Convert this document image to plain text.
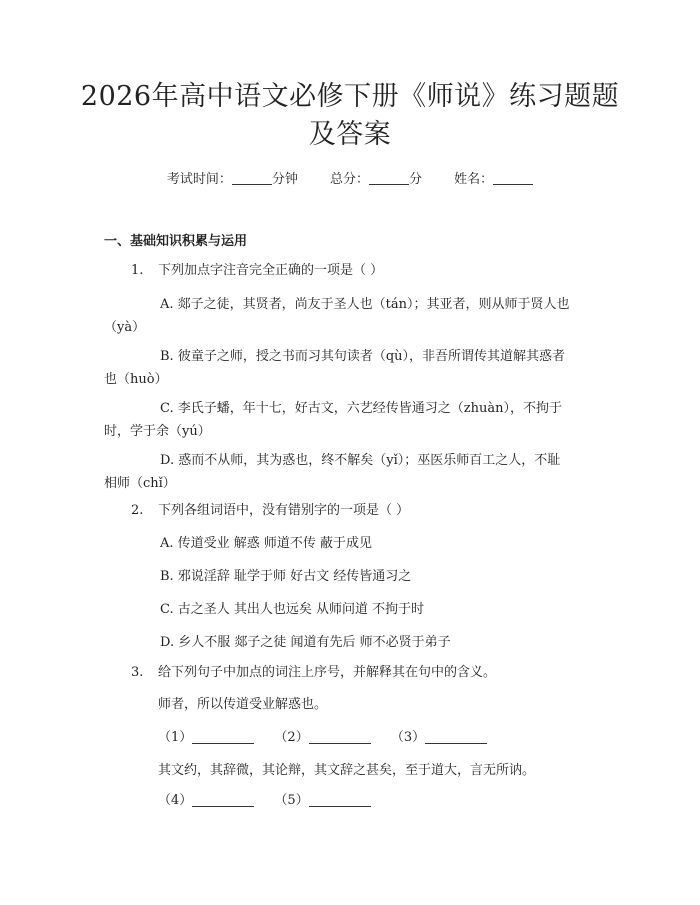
2026年高中语文必修下册《师说》练习题题
及答案
考试时间：	分钟 总分：	分 姓名：
一、基础知识积累与运用
1. 下列加点字注音完全正确的一项是（ ）
A. 郯子之徒，其贤者，尚友于圣人也（tán）；其亚者，则从师于贤人也
（yà）
B. 彼童子之师，授之书而习其句读者（qù），非吾所谓传其道解其惑者
也（huò）
C. 李氏子蟠，年十七，好古文，六艺经传皆通习之（zhuàn），不拘于
时，学于余（yú）
D. 惑而不从师，其为惑也，终不解矣（yǐ）；巫医乐师百工之人，不耻
相师（chǐ）
2. 下列各组词语中，没有错别字的一项是（ ）
A. 传道受业 解惑 师道不传 蔽于成见
B. 邪说淫辞 耻学于师 好古文 经传皆通习之
C. 古之圣人 其出人也远矣 从师问道 不拘于时
D. 乡人不服 郯子之徒 闻道有先后 师不必贤于弟子
3. 给下列句子中加点的词注上序号，并解释其在句中的含义。
师者，所以传道受业解惑也。
（1）	（2）	（3）
其文约，其辞微，其论辩，其文辞之甚矣，至于道大，言无所讷。
（4）	（5）
